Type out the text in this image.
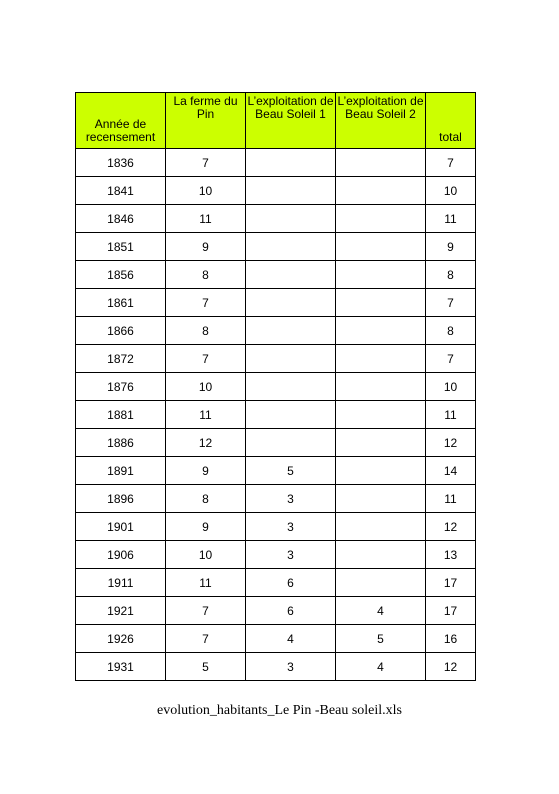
Année de recensement	La ferme du Pin	L’exploitation de Beau Soleil 1	L’exploitation de Beau Soleil 2	total
1836	7			7
1841	10			10
1846	11			11
1851	9			9
1856	8			8
1861	7			7
1866	8			8
1872	7			7
1876	10			10
1881	11			11
1886	12			12
1891	9	5		14
1896	8	3		11
1901	9	3		12
1906	10	3		13
1911	11	6		17
1921	7	6	4	17
1926	7	4	5	16
1931	5	3	4	12
evolution_habitants_Le Pin -Beau soleil.xls
